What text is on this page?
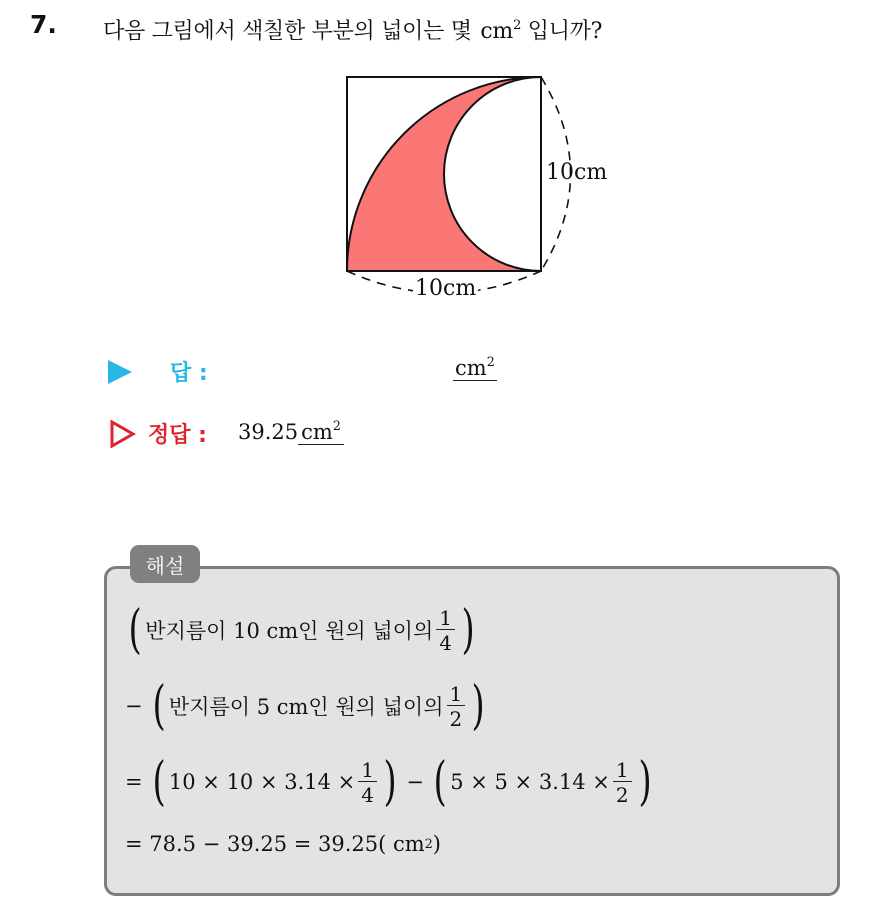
7. 다음 그림에서 색칠한 부분의 넓이는 몇 $cm^2$ 입니까?
10cm
10cm
답 :	$cm^2$
정답 : 39.25 $cm^2$
해설
( 반지름이 10 cm인 원의 넓이의 $\frac{1}{4}$ )
− ( 반지름이 5 cm인 원의 넓이의 $\frac{1}{2}$ )
= ( $10 \times 10 \times 3.14 \times \frac{1}{4}$ ) − ( $5 \times 5 \times 3.14 \times \frac{1}{2}$ )
= 78.5 − 39.25 = 39.25( cm 2 )
